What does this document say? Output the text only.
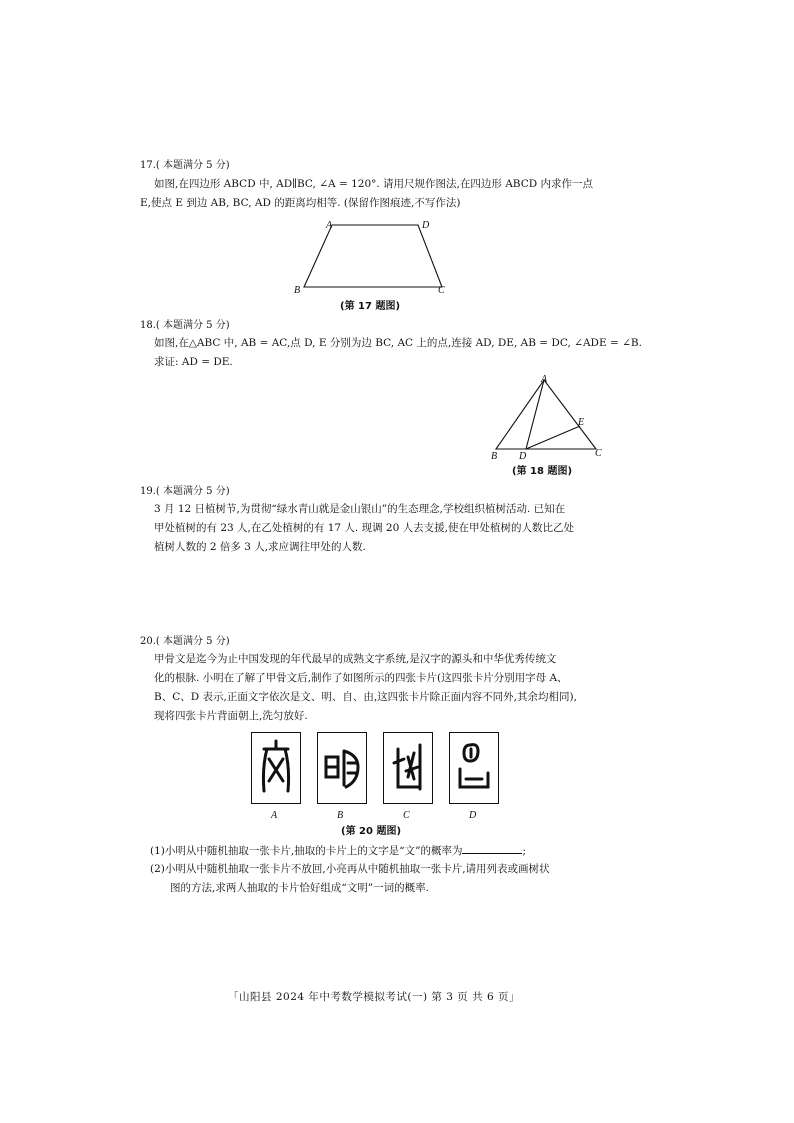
17.( 本题满分 5 分)
如图,在四边形 ABCD 中, AD∥BC, ∠A = 120°. 请用尺规作图法,在四边形 ABCD 内求作一点
E,使点 E 到边 AB, BC, AD 的距离均相等. (保留作图痕迹,不写作法)
A	D
B	C
(第 17 题图)
18.( 本题满分 5 分)
如图,在△ABC 中, AB = AC,点 D, E 分别为边 BC, AC 上的点,连接 AD, DE, AB = DC, ∠ADE = ∠B.
求证: AD = DE.
A
E
B D	C
(第 18 题图)
19.( 本题满分 5 分)
3 月 12 日植树节,为贯彻“绿水青山就是金山银山”的生态理念,学校组织植树活动. 已知在
甲处植树的有 23 人,在乙处植树的有 17 人. 现调 20 人去支援,使在甲处植树的人数比乙处
植树人数的 2 倍多 3 人,求应调往甲处的人数.
20.( 本题满分 5 分)
甲骨文是迄今为止中国发现的年代最早的成熟文字系统,是汉字的源头和中华优秀传统文
化的根脉. 小明在了解了甲骨文后,制作了如图所示的四张卡片(这四张卡片分别用字母 A、
B、C、D 表示,正面文字依次是文、明、自、由,这四张卡片除正面内容不同外,其余均相同),
现将四张卡片背面朝上,洗匀放好.
A	B	C	D
(第 20 题图)
(1)小明从中随机抽取一张卡片,抽取的卡片上的文字是“文”的概率为	;
(2)小明从中随机抽取一张卡片不放回,小亮再从中随机抽取一张卡片,请用列表或画树状
图的方法,求两人抽取的卡片恰好组成“文明”一词的概率.
「山阳县 2024 年中考数学模拟考试(一) 第 3 页 共 6 页」
